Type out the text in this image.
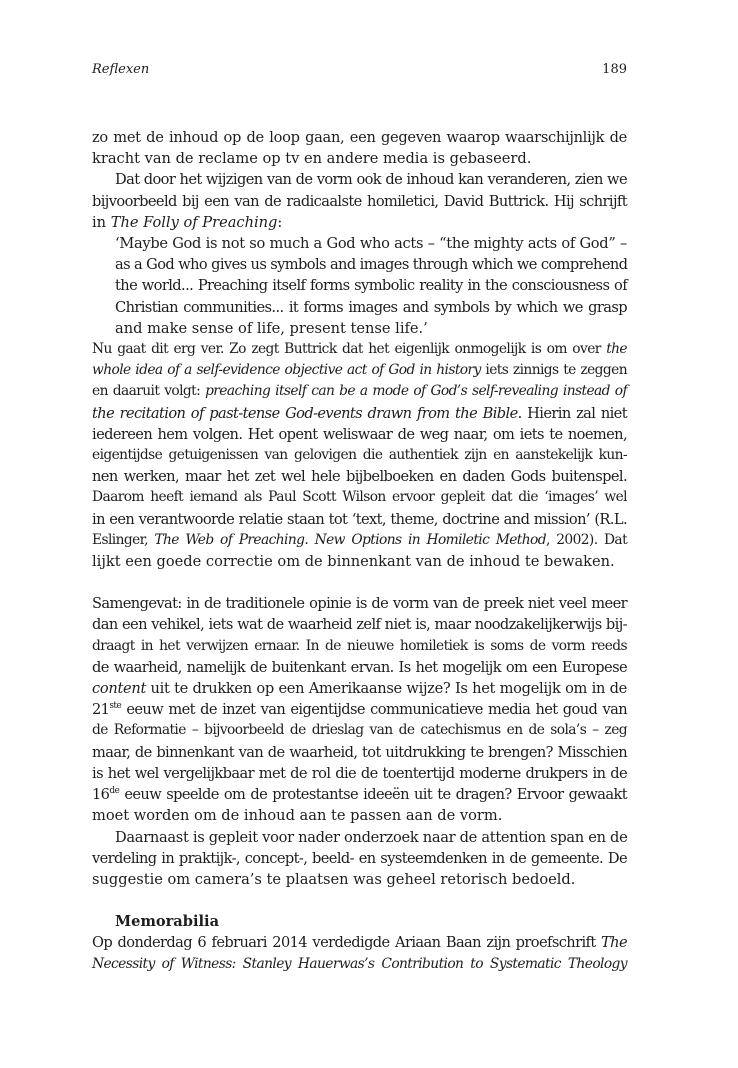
Reflexen	189
zo met de inhoud op de loop gaan, een gegeven waarop waarschijnlijk de
kracht van de reclame op tv en andere media is gebaseerd.
Dat door het wijzigen van de vorm ook de inhoud kan veranderen, zien we
bijvoorbeeld bij een van de radicaalste homiletici, David Buttrick. Hij schrijft
in The Folly of Preaching:
‘Maybe God is not so much a God who acts – “the mighty acts of God” –
as a God who gives us symbols and images through which we comprehend
the world... Preaching itself forms symbolic reality in the consciousness of
Christian communities... it forms images and symbols by which we grasp
and make sense of life, present tense life.’
Nu gaat dit erg ver. Zo zegt Buttrick dat het eigenlijk onmogelijk is om over the
whole idea of a self-evidence objective act of God in history iets zinnigs te zeggen
en daaruit volgt: preaching itself can be a mode of God’s self-revealing instead of
the recitation of past-tense God-events drawn from the Bible. Hierin zal niet
iedereen hem volgen. Het opent weliswaar de weg naar, om iets te noemen,
eigentijdse getuigenissen van gelovigen die authentiek zijn en aanstekelijk kun-
nen werken, maar het zet wel hele bijbelboeken en daden Gods buitenspel.
Daarom heeft iemand als Paul Scott Wilson ervoor gepleit dat die ‘images’ wel
in een verantwoorde relatie staan tot ‘text, theme, doctrine and mission’ (R.L.
Eslinger, The Web of Preaching. New Options in Homiletic Method, 2002). Dat
lijkt een goede correctie om de binnenkant van de inhoud te bewaken.
Samengevat: in de traditionele opinie is de vorm van de preek niet veel meer
dan een vehikel, iets wat de waarheid zelf niet is, maar noodzakelijkerwijs bij-
draagt in het verwijzen ernaar. In de nieuwe homiletiek is soms de vorm reeds
de waarheid, namelijk de buitenkant ervan. Is het mogelijk om een Europese
content uit te drukken op een Amerikaanse wijze? Is het mogelijk om in de
21ste eeuw met de inzet van eigentijdse communicatieve media het goud van
de Reformatie – bijvoorbeeld de drieslag van de catechismus en de sola’s – zeg
maar, de binnenkant van de waarheid, tot uitdrukking te brengen? Misschien
is het wel vergelijkbaar met de rol die de toentertijd moderne drukpers in de
16de eeuw speelde om de protestantse ideeën uit te dragen? Ervoor gewaakt
moet worden om de inhoud aan te passen aan de vorm.
Daarnaast is gepleit voor nader onderzoek naar de attention span en de
verdeling in praktijk-, concept-, beeld- en systeemdenken in de gemeente. De
suggestie om camera’s te plaatsen was geheel retorisch bedoeld.
Memorabilia
Op donderdag 6 februari 2014 verdedigde Ariaan Baan zijn proefschrift The
Necessity of Witness: Stanley Hauerwas’s Contribution to Systematic Theology
